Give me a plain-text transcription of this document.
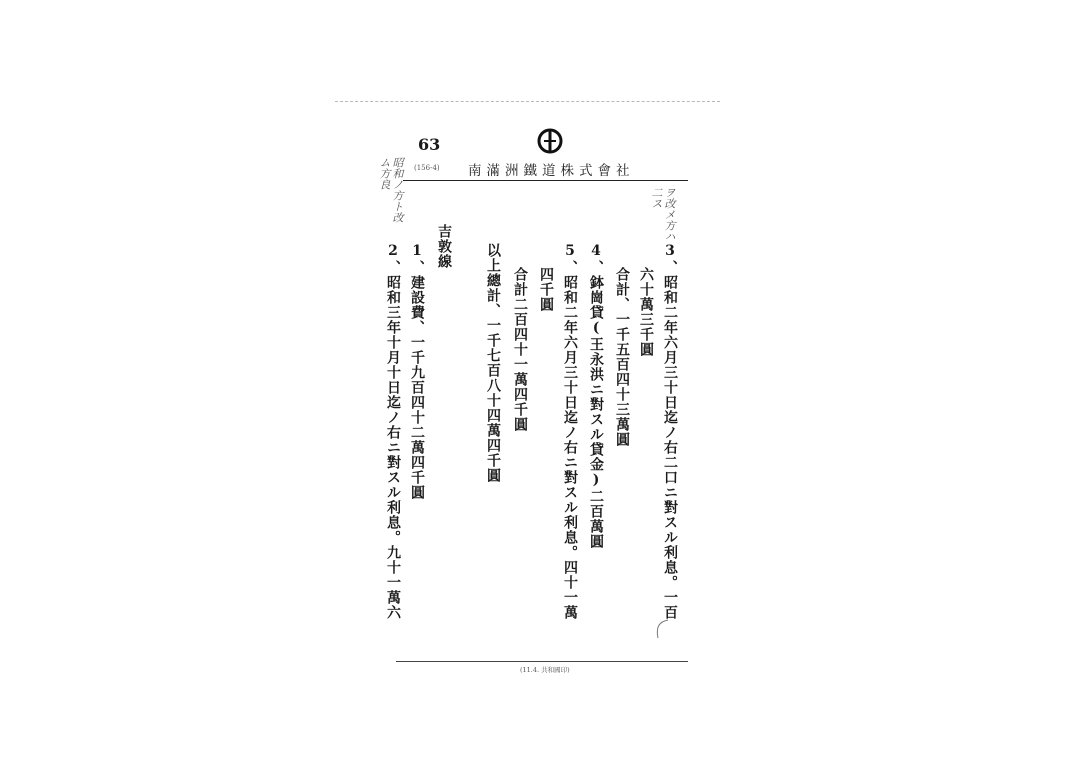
63
(156-4) 南滿洲鐵道株式會社
昭和ノ方ト改ム方良
ヲ改メ方ハ二ス
3、昭和二年六月三十日迄ノ右二口ニ對スル利息。一百
六十萬三千圓
合計、一千五百四十三萬圓
4、鉢崗貸(王永洪ニ對スル貸金)二百萬圓
5、昭和二年六月三十日迄ノ右ニ對スル利息。四十一萬
四千圓
合計二百四十一萬四千圓
以上總計、一千七百八十四萬四千圓
吉敦線
1、建設費、一千九百四十二萬四千圓
2、昭和三年十月十日迄ノ右ニ對スル利息。九十一萬六
(11.4. 共和國印)
